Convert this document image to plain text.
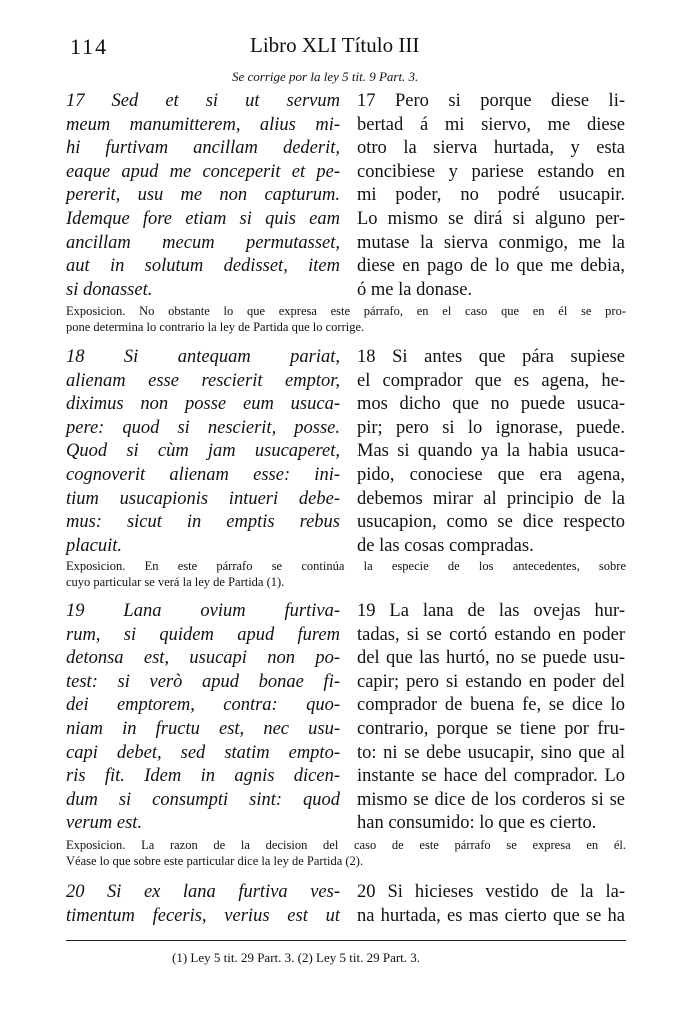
114	Libro XLI Título III
Se corrige por la ley 5 tit. 9 Part. 3.
17 Sed et si ut servum
meum manumitterem, alius mi-
hi furtivam ancillam dederit,
eaque apud me conceperit et pe-
pererit, usu me non capturum.
Idemque fore etiam si quis eam
ancillam mecum permutasset,
aut in solutum dedisset, item
si donasset.
17 Pero si porque diese li-
bertad á mi siervo, me diese
otro la sierva hurtada, y esta
concibiese y pariese estando en
mi poder, no podré usucapir.
Lo mismo se dirá si alguno per-
mutase la sierva conmigo, me la
diese en pago de lo que me debia,
ó me la donase.
Exposicion. No obstante lo que expresa este párrafo, en el caso que en él se pro-
pone determina lo contrario la ley de Partida que lo corrige.
18 Si antequam pariat,
alienam esse rescierit emptor,
diximus non posse eum usuca-
pere: quod si nescierit, posse.
Quod si cùm jam usucaperet,
cognoverit alienam esse: ini-
tium usucapionis intueri debe-
mus: sicut in emptis rebus
placuit.
18 Si antes que pára supiese
el comprador que es agena, he-
mos dicho que no puede usuca-
pir; pero si lo ignorase, puede.
Mas si quando ya la habia usuca-
pido, conociese que era agena,
debemos mirar al principio de la
usucapion, como se dice respecto
de las cosas compradas.
Exposicion. En este párrafo se continúa la especie de los antecedentes, sobre
cuyo particular se verá la ley de Partida (1).
19 Lana ovium furtiva-
rum, si quidem apud furem
detonsa est, usucapi non po-
test: si verò apud bonae fi-
dei emptorem, contra: quo-
niam in fructu est, nec usu-
capi debet, sed statim empto-
ris fit. Idem in agnis dicen-
dum si consumpti sint: quod
verum est.
19 La lana de las ovejas hur-
tadas, si se cortó estando en poder
del que las hurtó, no se puede usu-
capir; pero si estando en poder del
comprador de buena fe, se dice lo
contrario, porque se tiene por fru-
to: ni se debe usucapir, sino que al
instante se hace del comprador. Lo
mismo se dice de los corderos si se
han consumido: lo que es cierto.
Exposicion. La razon de la decision del caso de este párrafo se expresa en él.
Véase lo que sobre este particular dice la ley de Partida (2).
20 Si ex lana furtiva ves-
timentum feceris, verius est ut
20 Si hicieses vestido de la la-
na hurtada, es mas cierto que se ha
(1) Ley 5 tit. 29 Part. 3. (2) Ley 5 tit. 29 Part. 3.
